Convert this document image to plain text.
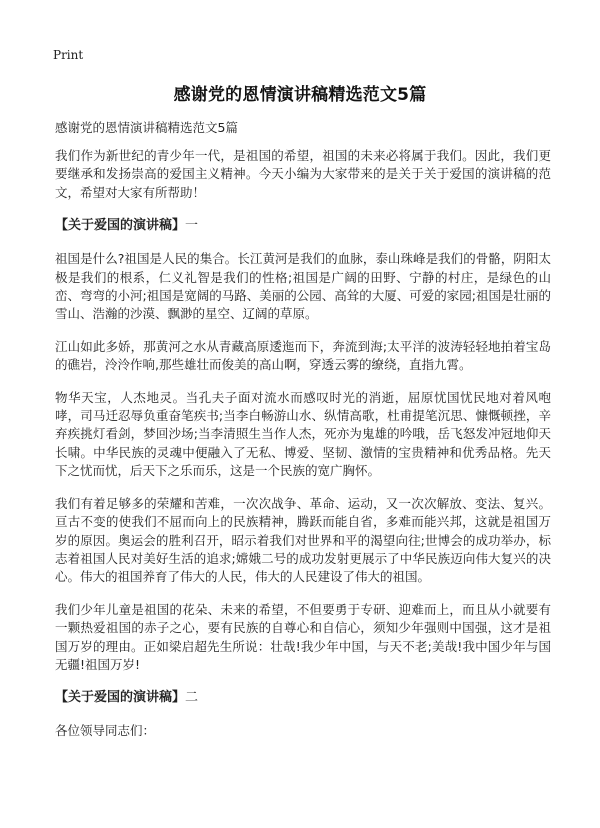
Print
感谢党的恩情演讲稿精选范文5篇
感谢党的恩情演讲稿精选范文5篇

我们作为新世纪的青少年一代，是祖国的希望，祖国的未来必将属于我们。因此，我们更要继承和发扬崇高的爱国主义精神。今天小编为大家带来的是关于关于爱国的演讲稿的范文，希望对大家有所帮助！

【关于爱国的演讲稿】一

祖国是什么?祖国是人民的集合。长江黄河是我们的血脉，泰山珠峰是我们的骨骼，阴阳太极是我们的根系，仁义礼智是我们的性格;祖国是广阔的田野、宁静的村庄，是绿色的山峦、弯弯的小河;祖国是宽阔的马路、美丽的公园、高耸的大厦、可爱的家园;祖国是壮丽的雪山、浩瀚的沙漠、飘渺的星空、辽阔的草原。

江山如此多娇，那黄河之水从青藏高原逶迤而下，奔流到海;太平洋的波涛轻轻地拍着宝岛的礁岩，泠泠作响,那些雄壮而俊美的高山啊，穿透云雾的缭绕，直指九霄。

物华天宝，人杰地灵。当孔夫子面对流水而感叹时光的消逝，屈原忧国忧民地对着风咆哮，司马迁忍辱负重奋笔疾书;当李白畅游山水、纵情高歌，杜甫提笔沉思、慷慨顿挫，辛弃疾挑灯看剑，梦回沙场;当李清照生当作人杰，死亦为鬼雄的吟哦，岳飞怒发冲冠地仰天长啸。中华民族的灵魂中便融入了无私、博爱、坚韧、激情的宝贵精神和优秀品格。先天下之忧而忧，后天下之乐而乐，这是一个民族的宽广胸怀。

我们有着足够多的荣耀和苦难，一次次战争、革命、运动，又一次次解放、变法、复兴。亘古不变的使我们不屈而向上的民族精神，腾跃而能自省，多难而能兴邦，这就是祖国万岁的原因。奥运会的胜利召开，昭示着我们对世界和平的渴望向往;世博会的成功举办，标志着祖国人民对美好生活的追求;嫦娥二号的成功发射更展示了中华民族迈向伟大复兴的决心。伟大的祖国养育了伟大的人民，伟大的人民建设了伟大的祖国。

我们少年儿童是祖国的花朵、未来的希望，不但要勇于专研、迎难而上，而且从小就要有一颗热爱祖国的赤子之心，要有民族的自尊心和自信心，须知少年强则中国强，这才是祖国万岁的理由。正如梁启超先生所说：壮哉!我少年中国，与天不老;美哉!我中国少年与国无疆!祖国万岁!

【关于爱国的演讲稿】二

各位领导同志们：
